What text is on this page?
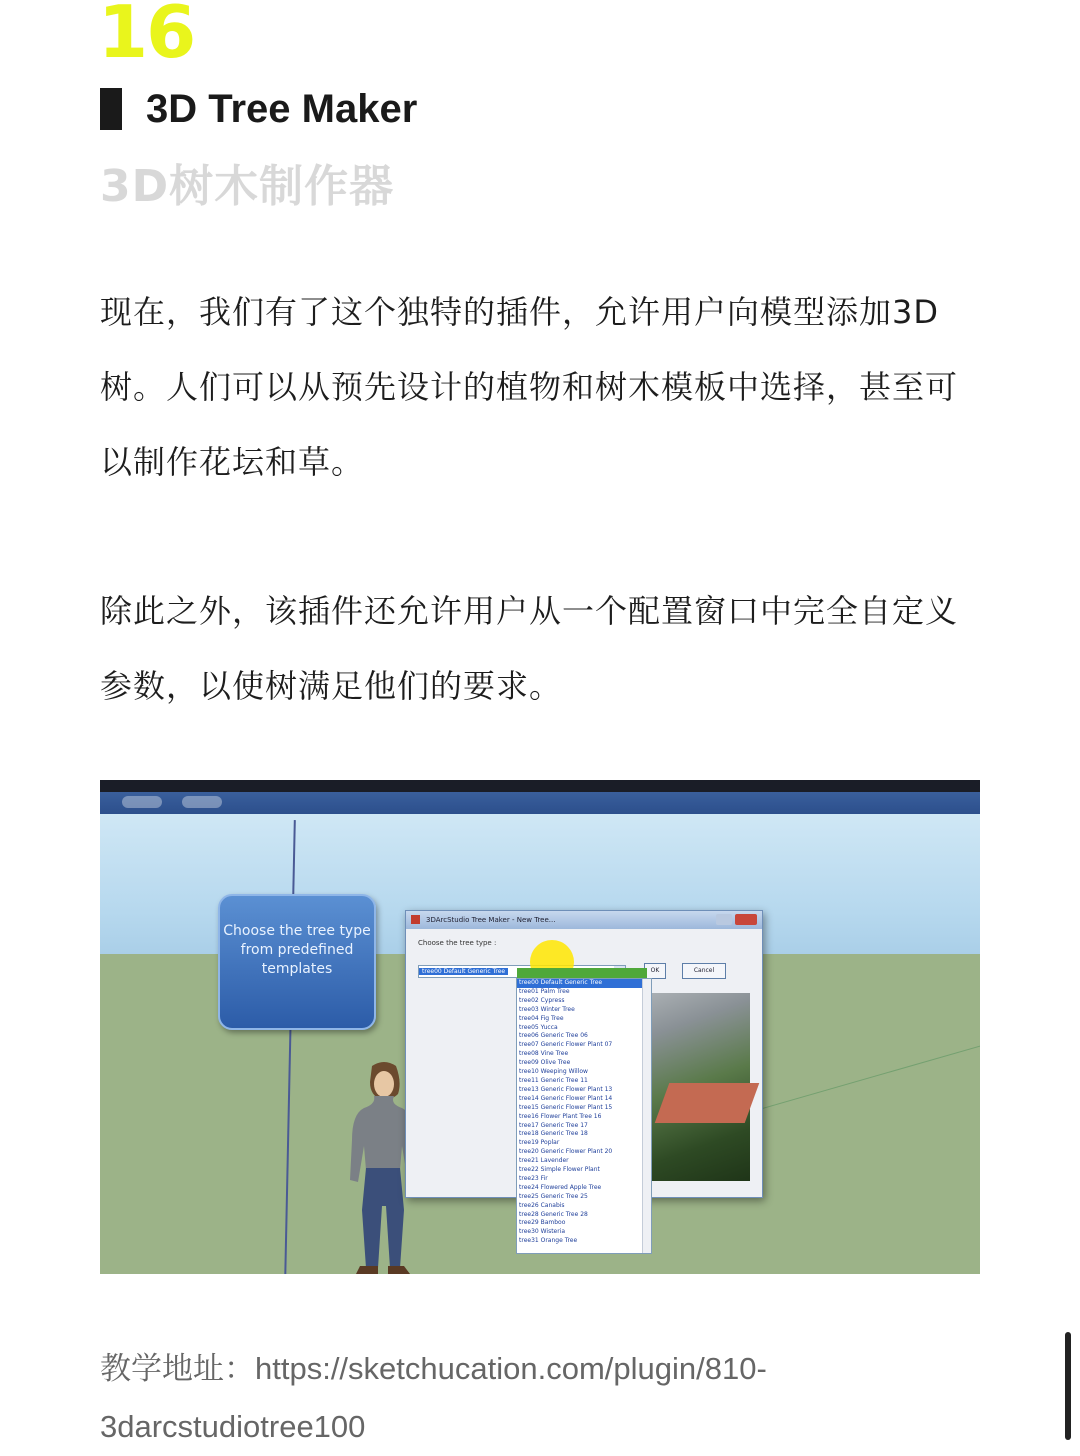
16
3D Tree Maker
3D树木制作器

现在，我们有了这个独特的插件，允许用户向模型添加3D树。人们可以从预先设计的植物和树木模板中选择，甚至可以制作花坛和草。

除此之外，该插件还允许用户从一个配置窗口中完全自定义参数，以使树满足他们的要求。

Choose the tree type from predefined templates
3DArcStudio Tree Maker - New Tree...
Choose the tree type :
tree00 Default Generic Tree	OK	Cancel
tree00 Default Generic Tree
tree01 Palm Tree
tree02 Cypress
tree03 Winter Tree
tree04 Fig Tree
tree05 Yucca
tree06 Generic Tree 06
tree07 Generic Flower Plant 07
tree08 Vine Tree
tree09 Olive Tree
tree10 Weeping Willow
tree11 Generic Tree 11
tree13 Generic Flower Plant 13
tree14 Generic Flower Plant 14
tree15 Generic Flower Plant 15
tree16 Flower Plant Tree 16
tree17 Generic Tree 17
tree18 Generic Tree 18
tree19 Poplar
tree20 Generic Flower Plant 20
tree21 Lavender
tree22 Simple Flower Plant
tree23 Fir
tree24 Flowered Apple Tree
tree25 Generic Tree 25
tree26 Canabis
tree28 Generic Tree 28
tree29 Bamboo
tree30 Wisteria
tree31 Orange Tree

教学地址：https://sketchucation.com/plugin/810-3darcstudiotree100
